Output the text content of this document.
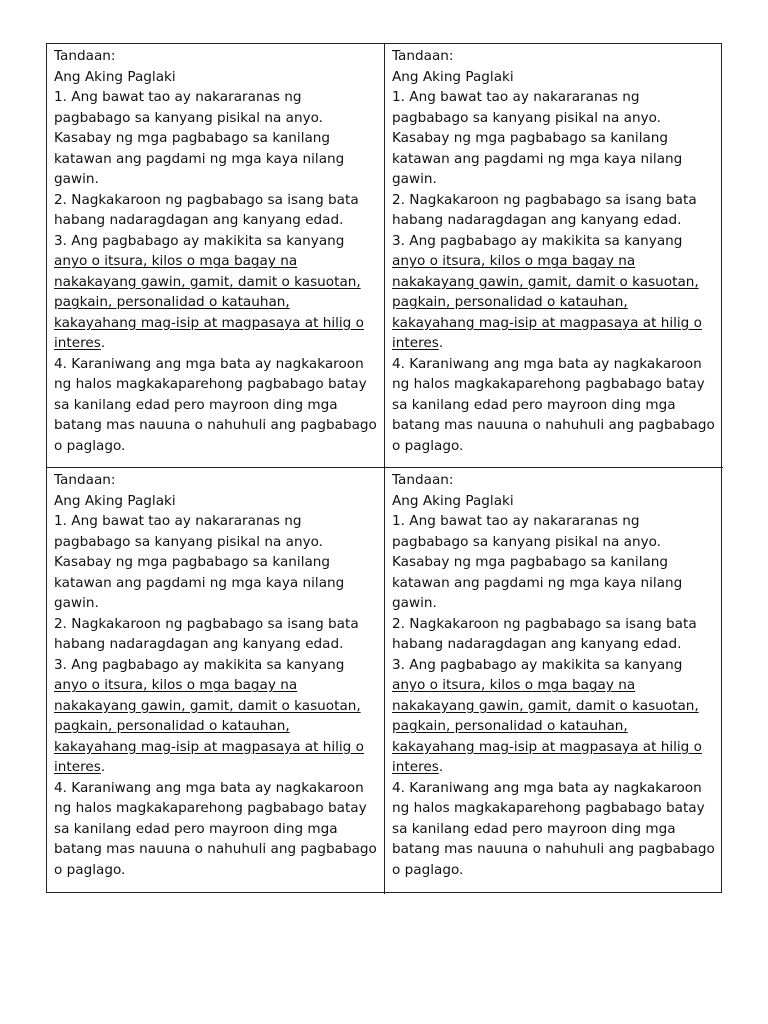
Tandaan:
Ang Aking Paglaki
1. Ang bawat tao ay nakararanas ng
pagbabago sa kanyang pisikal na anyo.
Kasabay ng mga pagbabago sa kanilang
katawan ang pagdami ng mga kaya nilang
gawin.
2. Nagkakaroon ng pagbabago sa isang bata
habang nadaragdagan ang kanyang edad.
3. Ang pagbabago ay makikita sa kanyang
anyo o itsura, kilos o mga bagay na
nakakayang gawin, gamit, damit o kasuotan,
pagkain, personalidad o katauhan,
kakayahang mag-isip at magpasaya at hilig o
interes.
4. Karaniwang ang mga bata ay nagkakaroon
ng halos magkakaparehong pagbabago batay
sa kanilang edad pero mayroon ding mga
batang mas nauuna o nahuhuli ang pagbabago
o paglago.
Tandaan:
Ang Aking Paglaki
1. Ang bawat tao ay nakararanas ng
pagbabago sa kanyang pisikal na anyo.
Kasabay ng mga pagbabago sa kanilang
katawan ang pagdami ng mga kaya nilang
gawin.
2. Nagkakaroon ng pagbabago sa isang bata
habang nadaragdagan ang kanyang edad.
3. Ang pagbabago ay makikita sa kanyang
anyo o itsura, kilos o mga bagay na
nakakayang gawin, gamit, damit o kasuotan,
pagkain, personalidad o katauhan,
kakayahang mag-isip at magpasaya at hilig o
interes.
4. Karaniwang ang mga bata ay nagkakaroon
ng halos magkakaparehong pagbabago batay
sa kanilang edad pero mayroon ding mga
batang mas nauuna o nahuhuli ang pagbabago
o paglago.
Tandaan:
Ang Aking Paglaki
1. Ang bawat tao ay nakararanas ng
pagbabago sa kanyang pisikal na anyo.
Kasabay ng mga pagbabago sa kanilang
katawan ang pagdami ng mga kaya nilang
gawin.
2. Nagkakaroon ng pagbabago sa isang bata
habang nadaragdagan ang kanyang edad.
3. Ang pagbabago ay makikita sa kanyang
anyo o itsura, kilos o mga bagay na
nakakayang gawin, gamit, damit o kasuotan,
pagkain, personalidad o katauhan,
kakayahang mag-isip at magpasaya at hilig o
interes.
4. Karaniwang ang mga bata ay nagkakaroon
ng halos magkakaparehong pagbabago batay
sa kanilang edad pero mayroon ding mga
batang mas nauuna o nahuhuli ang pagbabago
o paglago.
Tandaan:
Ang Aking Paglaki
1. Ang bawat tao ay nakararanas ng
pagbabago sa kanyang pisikal na anyo.
Kasabay ng mga pagbabago sa kanilang
katawan ang pagdami ng mga kaya nilang
gawin.
2. Nagkakaroon ng pagbabago sa isang bata
habang nadaragdagan ang kanyang edad.
3. Ang pagbabago ay makikita sa kanyang
anyo o itsura, kilos o mga bagay na
nakakayang gawin, gamit, damit o kasuotan,
pagkain, personalidad o katauhan,
kakayahang mag-isip at magpasaya at hilig o
interes.
4. Karaniwang ang mga bata ay nagkakaroon
ng halos magkakaparehong pagbabago batay
sa kanilang edad pero mayroon ding mga
batang mas nauuna o nahuhuli ang pagbabago
o paglago.
